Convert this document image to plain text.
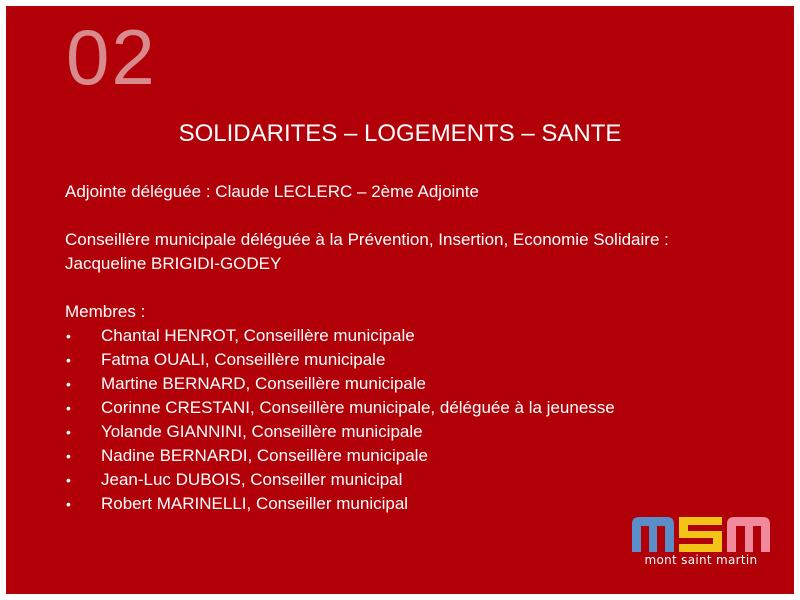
02
SOLIDARITES – LOGEMENTS – SANTE

Adjointe déléguée : Claude LECLERC – 2ème Adjointe

Conseillère municipale déléguée à la Prévention, Insertion, Economie Solidaire :

Jacqueline BRIGIDI-GODEY

Membres :

• Chantal HENROT, Conseillère municipale
• Fatma OUALI, Conseillère municipale
• Martine BERNARD, Conseillère municipale
• Corinne CRESTANI, Conseillère municipale, déléguée à la jeunesse
• Yolande GIANNINI, Conseillère municipale
• Nadine BERNARDI, Conseillère municipale
• Jean-Luc DUBOIS, Conseiller municipal
• Robert MARINELLI, Conseiller municipal
mont saint martin
